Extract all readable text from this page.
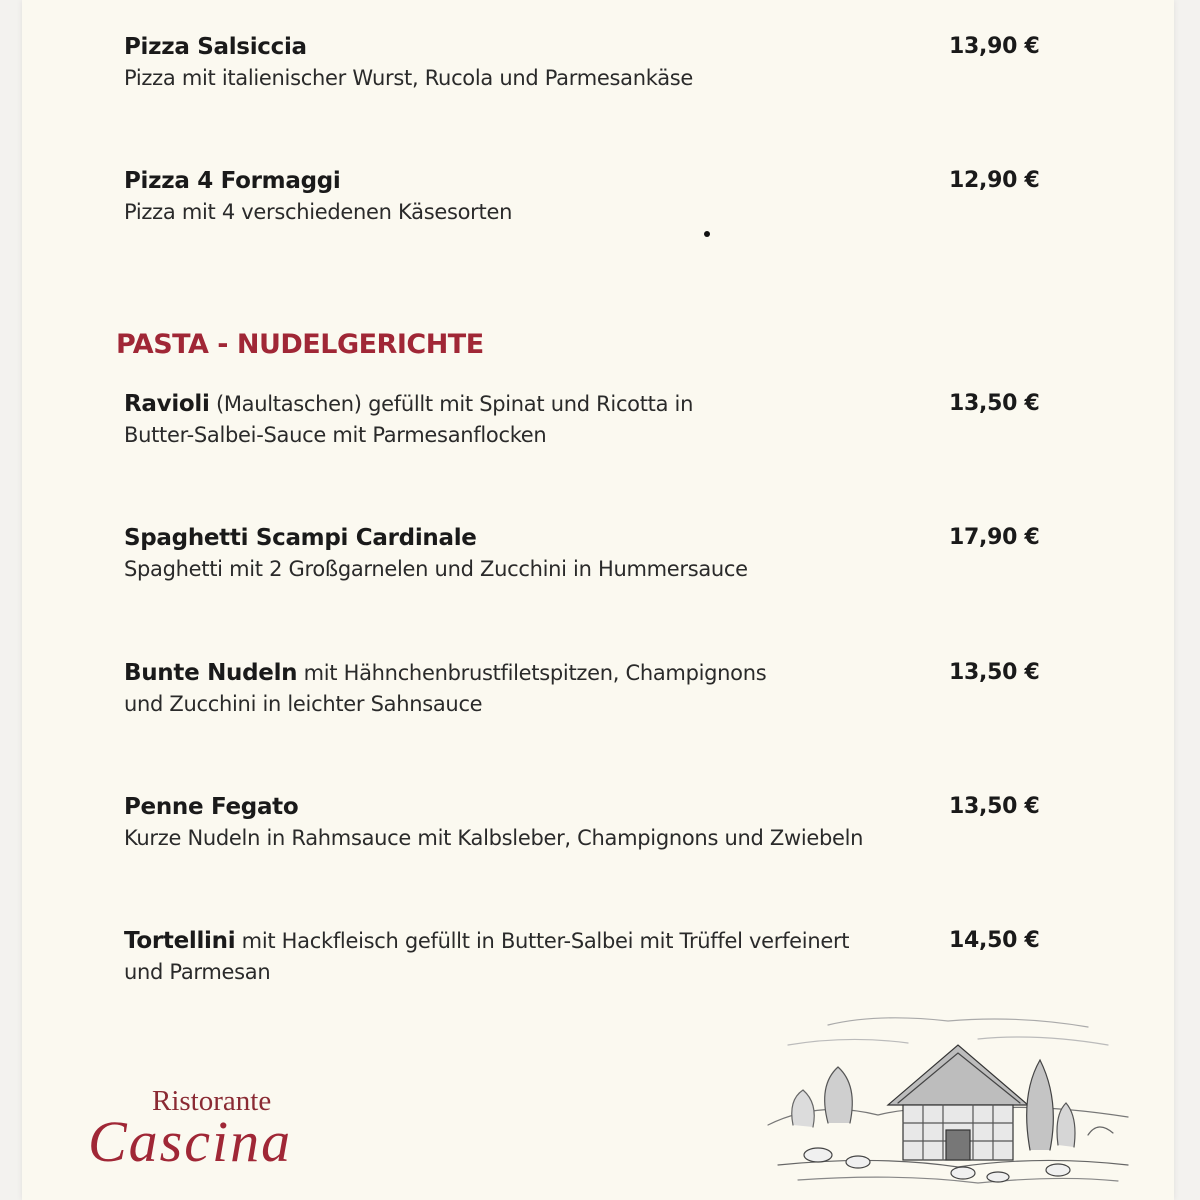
Pizza Salsiccia	13,90 €
Pizza mit italienischer Wurst, Rucola und Parmesankäse
Pizza 4 Formaggi	12,90 €
Pizza mit 4 verschiedenen Käsesorten
PASTA - NUDELGERICHTE
Ravioli (Maultaschen) gefüllt mit Spinat und Ricotta in	13,50 €
Butter-Salbei-Sauce mit Parmesanflocken
Spaghetti Scampi Cardinale	17,90 €
Spaghetti mit 2 Großgarnelen und Zucchini in Hummersauce
Bunte Nudeln mit Hähnchenbrustfiletspitzen, Champignons	13,50 €
und Zucchini in leichter Sahnsauce
Penne Fegato	13,50 €
Kurze Nudeln in Rahmsauce mit Kalbsleber, Champignons und Zwiebeln
Tortellini mit Hackfleisch gefüllt in Butter-Salbei mit Trüffel verfeinert	14,50 €
und Parmesan
Ristorante
Cascina
